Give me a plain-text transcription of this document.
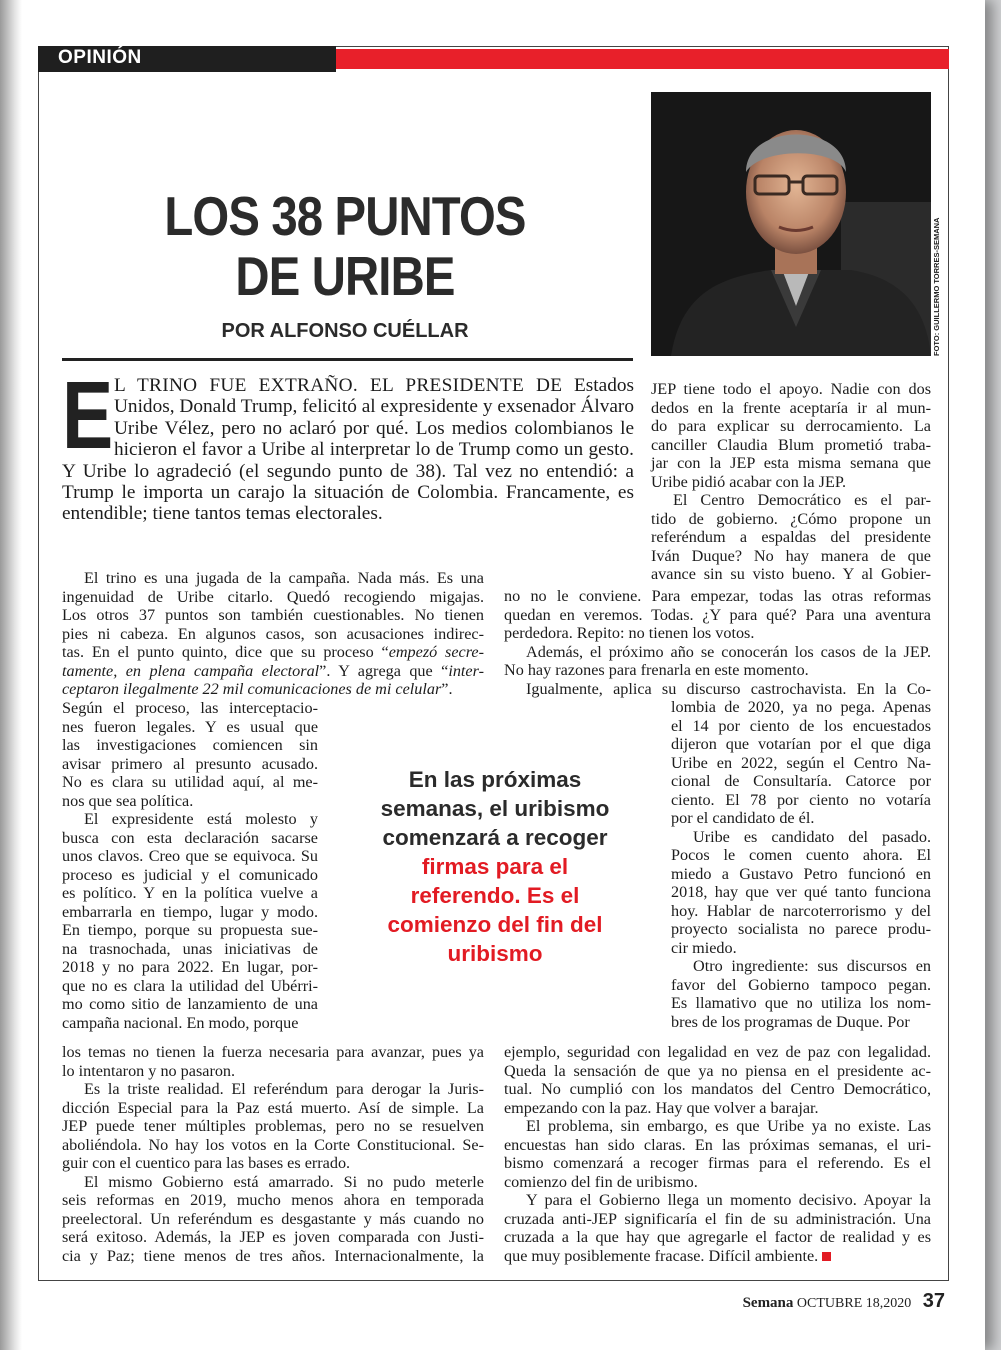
OPINIÓN
FOTO: GUILLERMO TORRES-SEMANA
LOS 38 PUNTOS
DE URIBE
POR ALFONSO CUÉLLAR
E L TRINO FUE EXTRAÑO. EL PRESIDENTE DE Estados Unidos, Donald Trump, felicitó al expresidente y exsenador Álvaro Uribe Vélez, pero no aclaró por qué. Los medios colombianos le hicieron el favor a Uribe al interpretar lo de Trump como un gesto. Y Uribe lo agradeció (el segundo punto de 38). Tal vez no entendió: a Trump le importa un carajo la situación de Colombia. Francamente, es entendible; tiene tantos temas electorales.
El trino es una jugada de la campaña. Nada más. Es una
ingenuidad de Uribe citarlo. Quedó recogiendo migajas.
Los otros 37 puntos son también cuestionables. No tienen
pies ni cabeza. En algunos casos, son acusaciones indirec-
tas. En el punto quinto, dice que su proceso “empezó secre-
tamente, en plena campaña electoral”. Y agrega que “inter-
ceptaron ilegalmente 22 mil comunicaciones de mi celular”.
Según el proceso, las interceptacio-
nes fueron legales. Y es usual que
las investigaciones comiencen sin
avisar primero al presunto acusado.
No es clara su utilidad aquí, al me-
nos que sea política.
El expresidente está molesto y
busca con esta declaración sacarse
unos clavos. Creo que se equivoca. Su
proceso es judicial y el comunicado
es político. Y en la política vuelve a
embarrarla en tiempo, lugar y modo.
En tiempo, porque su propuesta sue-
na trasnochada, unas iniciativas de
2018 y no para 2022. En lugar, por-
que no es clara la utilidad del Ubérri-
mo como sitio de lanzamiento de una
campaña nacional. En modo, porque
los temas no tienen la fuerza necesaria para avanzar, pues ya
lo intentaron y no pasaron.
Es la triste realidad. El referéndum para derogar la Juris-
dicción Especial para la Paz está muerto. Así de simple. La
JEP puede tener múltiples problemas, pero no se resuelven
aboliéndola. No hay los votos en la Corte Constitucional. Se-
guir con el cuentico para las bases es errado.
El mismo Gobierno está amarrado. Si no pudo meterle
seis reformas en 2019, mucho menos ahora en temporada
preelectoral. Un referéndum es desgastante y más cuando no
será exitoso. Además, la JEP es joven comparada con Justi-
cia y Paz; tiene menos de tres años. Internacionalmente, la
JEP tiene todo el apoyo. Nadie con dos
dedos en la frente aceptaría ir al mun-
do para explicar su derrocamiento. La
canciller Claudia Blum prometió traba-
jar con la JEP esta misma semana que
Uribe pidió acabar con la JEP.
El Centro Democrático es el par-
tido de gobierno. ¿Cómo propone un
referéndum a espaldas del presidente
Iván Duque? No hay manera de que
avance sin su visto bueno. Y al Gobier-
no no le conviene. Para empezar, todas las otras reformas
quedan en veremos. Todas. ¿Y para qué? Para una aventura
perdedora. Repito: no tienen los votos.
Además, el próximo año se conocerán los casos de la JEP.
No hay razones para frenarla en este momento.
Igualmente, aplica su discurso castrochavista. En la Co-
lombia de 2020, ya no pega. Apenas
el 14 por ciento de los encuestados
dijeron que votarían por el que diga
Uribe en 2022, según el Centro Na-
cional de Consultaría. Catorce por
ciento. El 78 por ciento no votaría
por el candidato de él.
Uribe es candidato del pasado.
Pocos le comen cuento ahora. El
miedo a Gustavo Petro funcionó en
2018, hay que ver qué tanto funciona
hoy. Hablar de narcoterrorismo y del
proyecto socialista no parece produ-
cir miedo.
Otro ingrediente: sus discursos en
favor del Gobierno tampoco pegan.
Es llamativo que no utiliza los nom-
bres de los programas de Duque. Por
ejemplo, seguridad con legalidad en vez de paz con legalidad.
Queda la sensación de que ya no piensa en el presidente ac-
tual. No cumplió con los mandatos del Centro Democrático,
empezando con la paz. Hay que volver a barajar.
El problema, sin embargo, es que Uribe ya no existe. Las
encuestas han sido claras. En las próximas semanas, el uri-
bismo comenzará a recoger firmas para el referendo. Es el
comienzo del fin de uribismo.
Y para el Gobierno llega un momento decisivo. Apoyar la
cruzada anti-JEP significaría el fin de su administración. Una
cruzada a la que hay que agregarle el factor de realidad y es
que muy posiblemente fracase. Difícil ambiente.
En las próximas
semanas, el uribismo
comenzará a recoger
firmas para el
referendo. Es el
comienzo del fin del
uribismo
Semana OCTUBRE 18,2020 37
